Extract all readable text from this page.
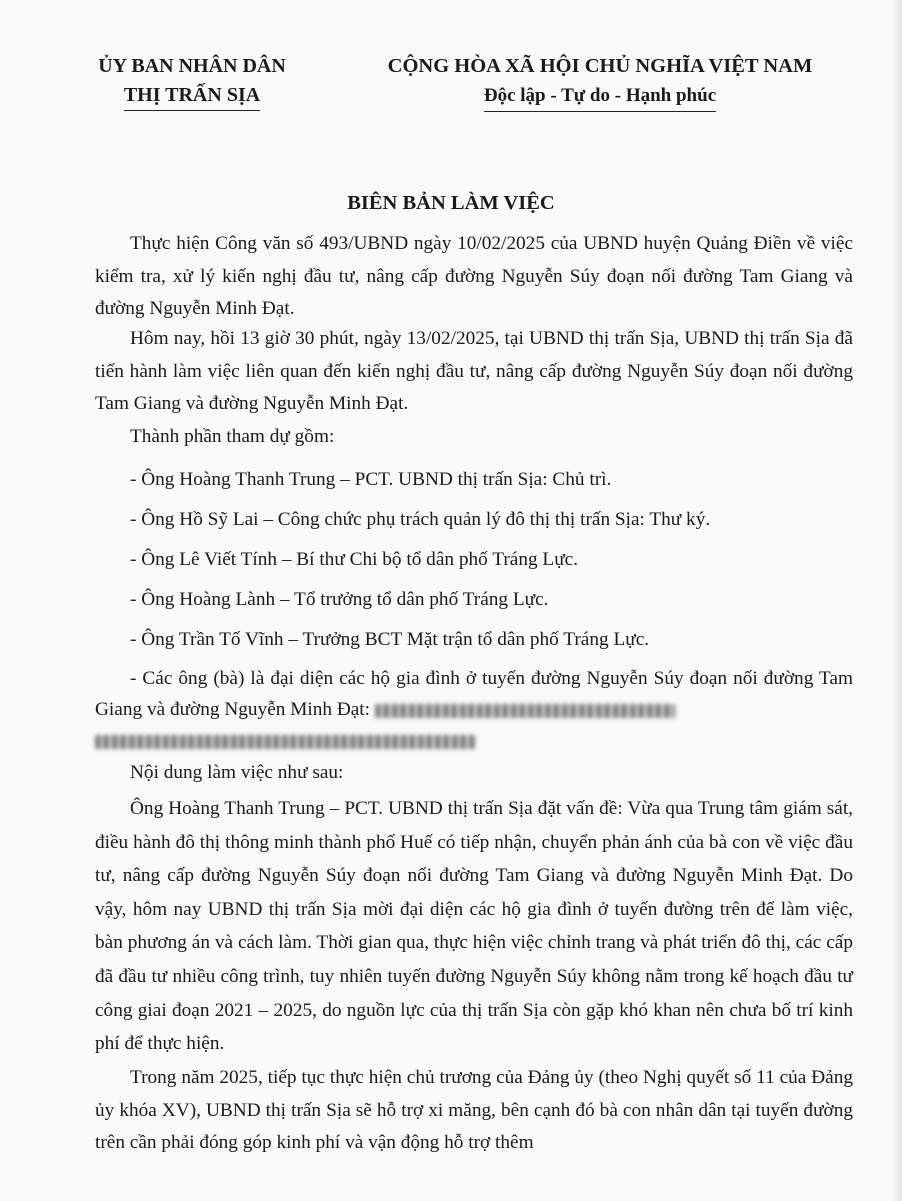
ỦY BAN NHÂN DÂN
THỊ TRẤN SỊA
CỘNG HÒA XÃ HỘI CHỦ NGHĨA VIỆT NAM
Độc lập - Tự do - Hạnh phúc
BIÊN BẢN LÀM VIỆC
Thực hiện Công văn số 493/UBND ngày 10/02/2025 của UBND huyện Quảng Điền về việc kiểm tra, xử lý kiến nghị đầu tư, nâng cấp đường Nguyễn Súy đoạn nối đường Tam Giang và đường Nguyễn Minh Đạt.
Hôm nay, hồi 13 giờ 30 phút, ngày 13/02/2025, tại UBND thị trấn Sịa, UBND thị trấn Sịa đã tiến hành làm việc liên quan đến kiến nghị đầu tư, nâng cấp đường Nguyễn Súy đoạn nối đường Tam Giang và đường Nguyễn Minh Đạt.
Thành phần tham dự gồm:
- Ông Hoàng Thanh Trung – PCT. UBND thị trấn Sịa: Chủ trì.
- Ông Hồ Sỹ Lai – Công chức phụ trách quản lý đô thị thị trấn Sịa: Thư ký.
- Ông Lê Viết Tính – Bí thư Chi bộ tổ dân phố Tráng Lực.
- Ông Hoàng Lành – Tổ trưởng tổ dân phố Tráng Lực.
- Ông Trần Tố Vĩnh – Trưởng BCT Mặt trận tổ dân phố Tráng Lực.
- Các ông (bà) là đại diện các hộ gia đình ở tuyến đường Nguyễn Súy đoạn nối đường Tam Giang và đường Nguyễn Minh Đạt:

Nội dung làm việc như sau:
Ông Hoàng Thanh Trung – PCT. UBND thị trấn Sịa đặt vấn đề: Vừa qua Trung tâm giám sát, điều hành đô thị thông minh thành phố Huế có tiếp nhận, chuyển phản ánh của bà con về việc đầu tư, nâng cấp đường Nguyễn Súy đoạn nối đường Tam Giang và đường Nguyễn Minh Đạt. Do vậy, hôm nay UBND thị trấn Sịa mời đại diện các hộ gia đình ở tuyến đường trên để làm việc, bàn phương án và cách làm. Thời gian qua, thực hiện việc chỉnh trang và phát triển đô thị, các cấp đã đầu tư nhiều công trình, tuy nhiên tuyến đường Nguyễn Súy không nằm trong kế hoạch đầu tư công giai đoạn 2021 – 2025, do nguồn lực của thị trấn Sịa còn gặp khó khan nên chưa bố trí kinh phí để thực hiện.
Trong năm 2025, tiếp tục thực hiện chủ trương của Đảng ủy (theo Nghị quyết số 11 của Đảng ủy khóa XV), UBND thị trấn Sịa sẽ hỗ trợ xi măng, bên cạnh đó bà con nhân dân tại tuyến đường trên cần phải đóng góp kinh phí và vận động hỗ trợ thêm
